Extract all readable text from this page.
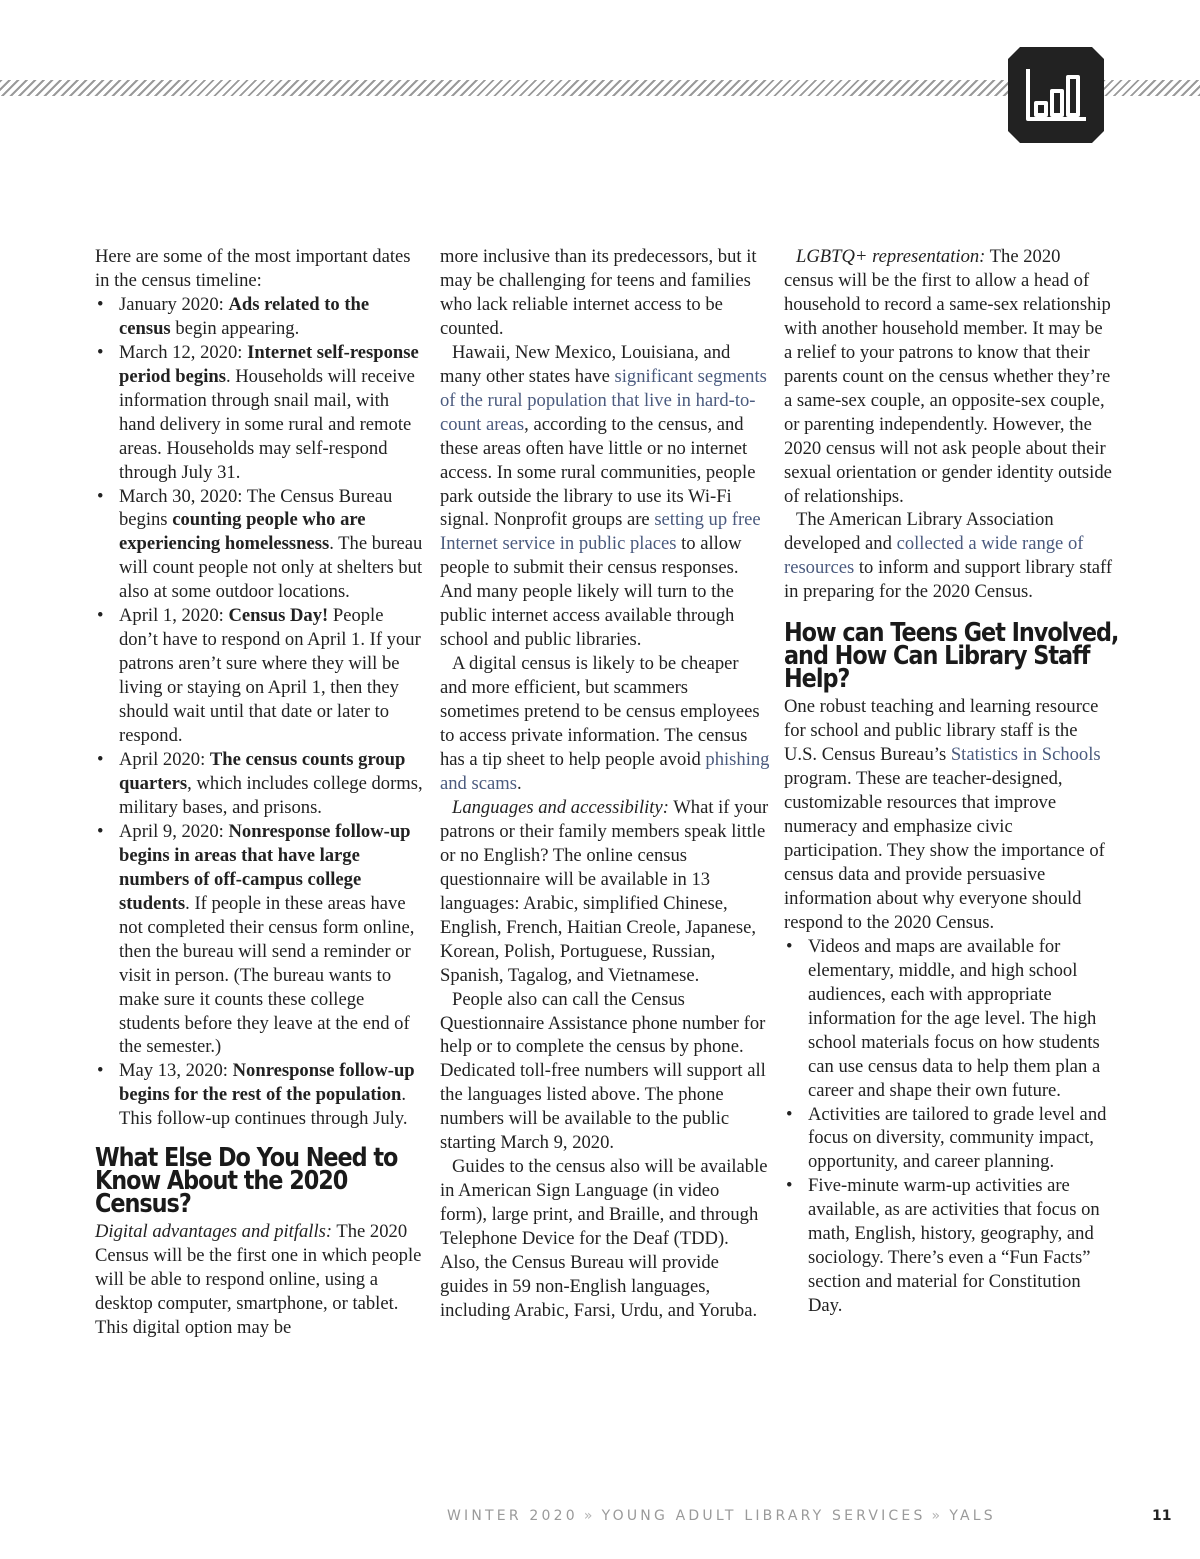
Here are some of the most important dates in the census timeline:

• January 2020: Ads related to the census begin appearing.
• March 12, 2020: Internet self-response period begins. Households will receive information through snail mail, with hand delivery in some rural and remote areas. Households may self-respond through July 31.
• March 30, 2020: The Census Bureau begins counting people who are experiencing homelessness. The bureau will count people not only at shelters but also at some outdoor locations.
• April 1, 2020: Census Day! People don’t have to respond on April 1. If your patrons aren’t sure where they will be living or staying on April 1, then they should wait until that date or later to respond.
• April 2020: The census counts group quarters, which includes college dorms, military bases, and prisons.
• April 9, 2020: Nonresponse follow-up begins in areas that have large numbers of off-campus college students. If people in these areas have not completed their census form online, then the bureau will send a reminder or visit in person. (The bureau wants to make sure it counts these college students before they leave at the end of the semester.)
• May 13, 2020: Nonresponse follow-up begins for the rest of the population. This follow-up continues through July.
What Else Do You Need to Know About the 2020 Census?

Digital advantages and pitfalls: The 2020 Census will be the first one in which people will be able to respond online, using a desktop computer, smartphone, or tablet. This digital option may be

more inclusive than its predecessors, but it may be challenging for teens and families who lack reliable internet access to be counted.

Hawaii, New Mexico, Louisiana, and many other states have significant segments of the rural population that live in hard-to-count areas, according to the census, and these areas often have little or no internet access. In some rural communities, people park outside the library to use its Wi-Fi signal. Nonprofit groups are setting up free Internet service in public places to allow people to submit their census responses. And many people likely will turn to the public internet access available through school and public libraries.

A digital census is likely to be cheaper and more efficient, but scammers sometimes pretend to be census employees to access private information. The census has a tip sheet to help people avoid phishing and scams.

Languages and accessibility: What if your patrons or their family members speak little or no English? The online census questionnaire will be available in 13 languages: Arabic, simplified Chinese, English, French, Haitian Creole, Japanese, Korean, Polish, Portuguese, Russian, Spanish, Tagalog, and Vietnamese.

People also can call the Census Questionnaire Assistance phone number for help or to complete the census by phone. Dedicated toll-free numbers will support all the languages listed above. The phone numbers will be available to the public starting March 9, 2020.

Guides to the census also will be available in American Sign Language (in video form), large print, and Braille, and through Telephone Device for the Deaf (TDD). Also, the Census Bureau will provide guides in 59 non-English languages, including Arabic, Farsi, Urdu, and Yoruba.

LGBTQ+ representation: The 2020 census will be the first to allow a head of household to record a same-sex relationship with another household member. It may be a relief to your patrons to know that their parents count on the census whether they’re a same-sex couple, an opposite-sex couple, or parenting independently. However, the 2020 census will not ask people about their sexual orientation or gender identity outside of relationships.

The American Library Association developed and collected a wide range of resources to inform and support library staff in preparing for the 2020 Census.

How can Teens Get Involved, and How Can Library Staff Help?

One robust teaching and learning resource for school and public library staff is the U.S. Census Bureau’s Statistics in Schools program. These are teacher-designed, customizable resources that improve numeracy and emphasize civic participation. They show the importance of census data and provide persuasive information about why everyone should respond to the 2020 Census.

• Videos and maps are available for elementary, middle, and high school audiences, each with appropriate information for the age level. The high school materials focus on how students can use census data to help them plan a career and shape their own future.
• Activities are tailored to grade level and focus on diversity, community impact, opportunity, and career planning.
• Five-minute warm-up activities are available, as are activities that focus on math, English, history, geography, and sociology. There’s even a “Fun Facts” section and material for Constitution Day.
WINTER 2020 » YOUNG ADULT LIBRARY SERVICES » YALS	11
